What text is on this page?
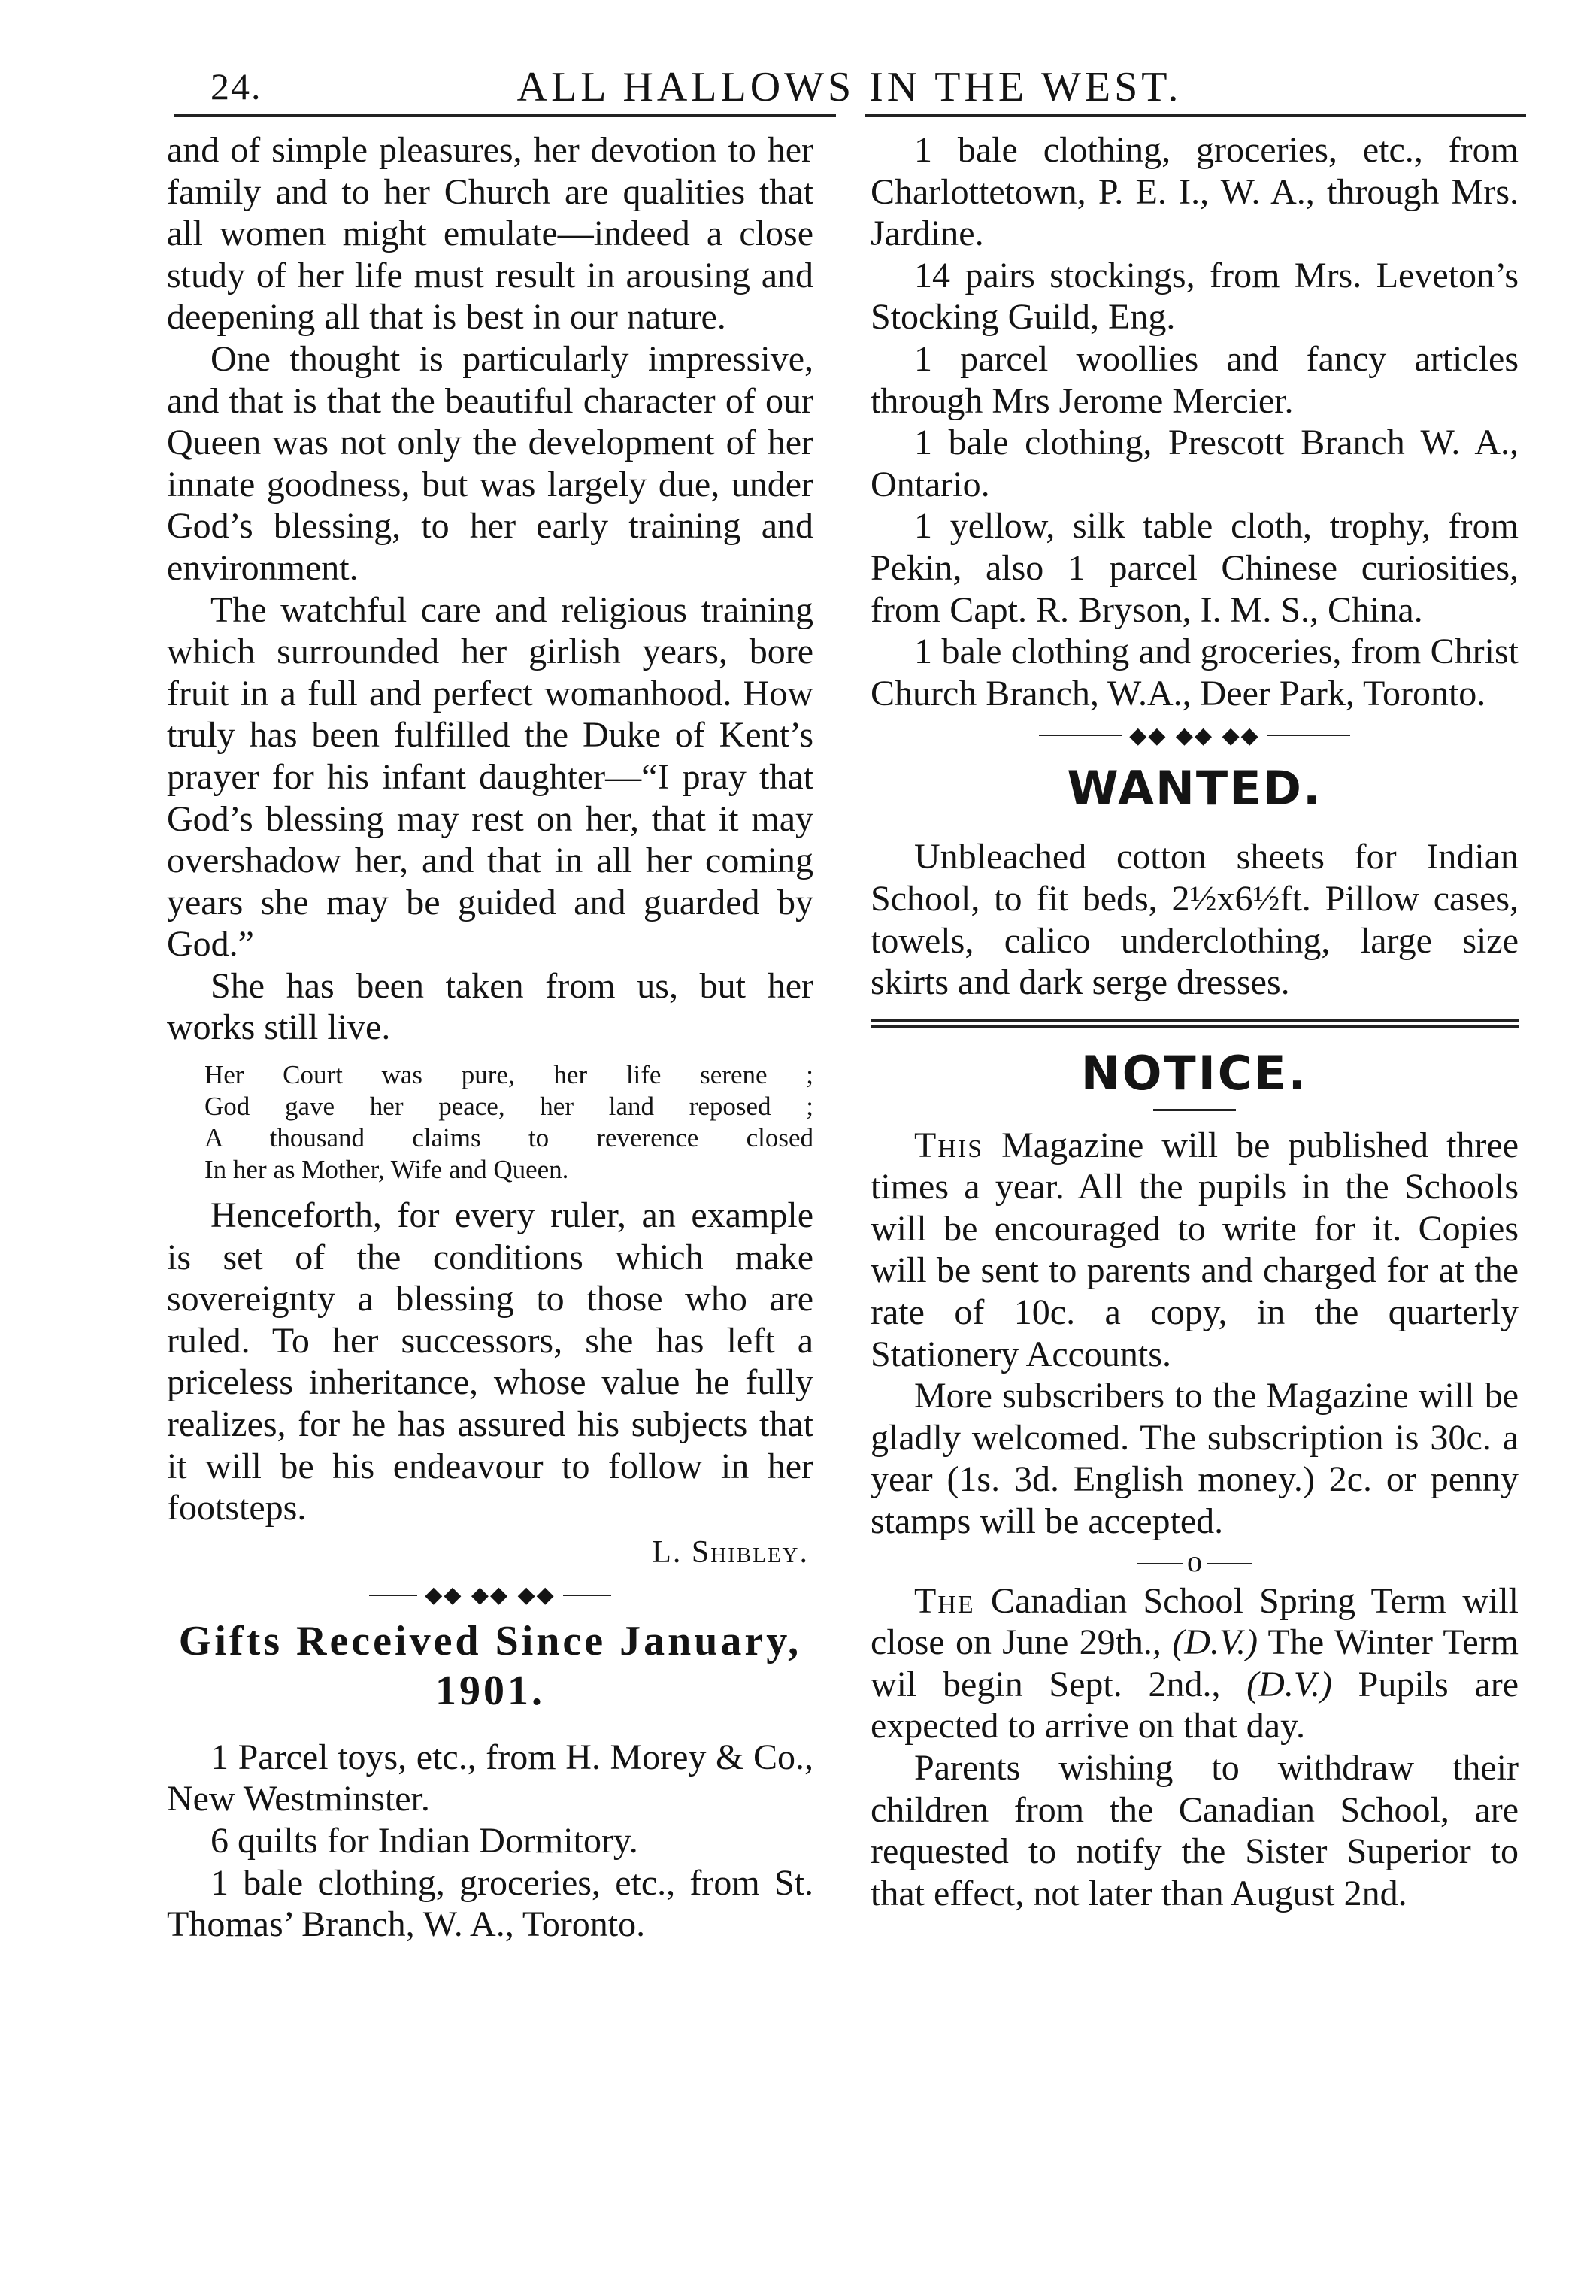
24.	ALL HALLOWS IN THE WEST.

and of simple pleasures, her devotion to her family and to her Church are qualities that all women might emulate—indeed a close study of her life must result in arousing and deepening all that is best in our nature.

One thought is particularly impressive, and that is that the beautiful character of our Queen was not only the development of her innate goodness, but was largely due, under God’s blessing, to her early training and environment.

The watchful care and religious training which surrounded her girlish years, bore fruit in a full and perfect womanhood. How truly has been fulfilled the Duke of Kent’s prayer for his infant daughter—“I pray that God’s blessing may rest on her, that it may overshadow her, and that in all her coming years she may be guided and guarded by God.”

She has been taken from us, but her works still live.

Her Court was pure, her life serene ;
God gave her peace, her land reposed ;
A thousand claims to reverence closed
In her as Mother, Wife and Queen.

Henceforth, for every ruler, an example is set of the conditions which make sovereignty a blessing to those who are ruled. To her successors, she has left a priceless inheritance, whose value he fully realizes, for he has assured his subjects that it will be his endeavour to follow in her footsteps.

L. Shibley.
◆◆ ◆◆ ◆◆
Gifts Received Since January, 1901.

1 Parcel toys, etc., from H. Morey & Co., New Westminster.

6 quilts for Indian Dormitory.

1 bale clothing, groceries, etc., from St. Thomas’ Branch, W. A., Toronto.

1 bale clothing, groceries, etc., from Charlottetown, P. E. I., W. A., through Mrs. Jardine.

14 pairs stockings, from Mrs. Leveton’s Stocking Guild, Eng.

1 parcel woollies and fancy articles through Mrs Jerome Mercier.

1 bale clothing, Prescott Branch W. A., Ontario.

1 yellow, silk table cloth, trophy, from Pekin, also 1 parcel Chinese curiosities, from Capt. R. Bryson, I. M. S., China.

1 bale clothing and groceries, from Christ Church Branch, W.A., Deer Park, Toronto.

◆◆ ◆◆ ◆◆
WANTED.

Unbleached cotton sheets for Indian School, to fit beds, 2½x6½ft. Pillow cases, towels, calico underclothing, large size skirts and dark serge dresses.

NOTICE.

This Magazine will be published three times a year. All the pupils in the Schools will be encouraged to write for it. Copies will be sent to parents and charged for at the rate of 10c. a copy, in the quarterly Stationery Accounts.

More subscribers to the Magazine will be gladly welcomed. The subscription is 30c. a year (1s. 3d. English money.) 2c. or penny stamps will be accepted.

o

The Canadian School Spring Term will close on June 29th., (D.V.) The Winter Term wil begin Sept. 2nd., (D.V.) Pupils are expected to arrive on that day.

Parents wishing to withdraw their children from the Canadian School, are requested to notify the Sister Superior to that effect, not later than August 2nd.
